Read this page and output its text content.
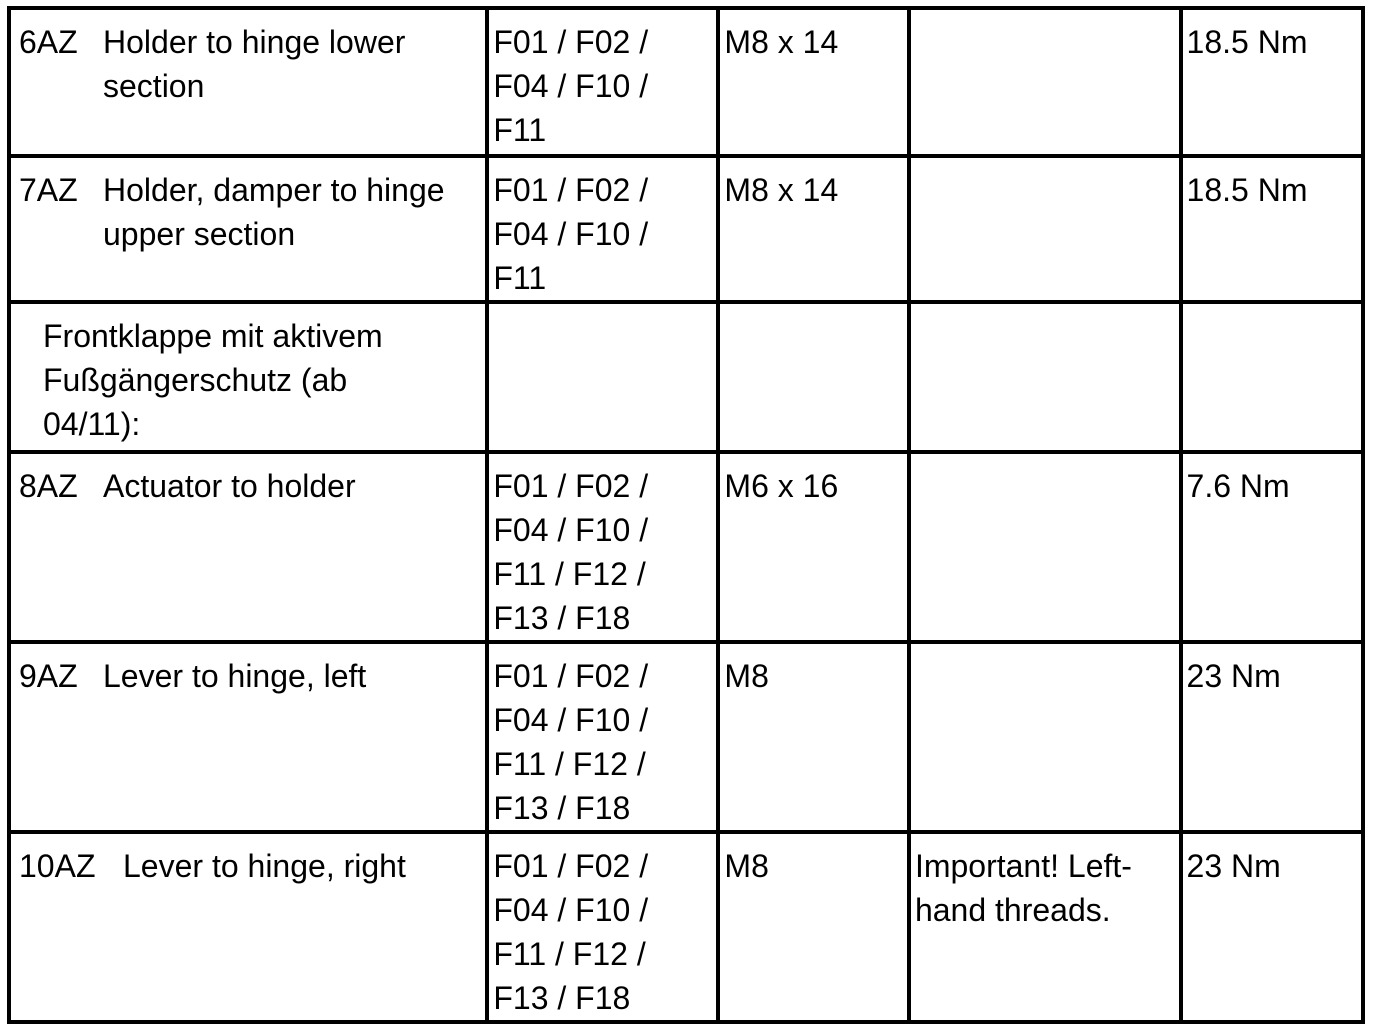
6AZ Holder to hinge lower section	F01 / F02 / F04 / F10 / F11	M8 x 14		18.5 Nm

7AZ Holder, damper to hinge upper section	F01 / F02 / F04 / F10 / F11	M8 x 14		18.5 Nm

Frontklappe mit aktivem Fußgängerschutz (ab 04/11):				

8AZ Actuator to holder	F01 / F02 / F04 / F10 / F11 / F12 / F13 / F18	M6 x 16		7.6 Nm

9AZ Lever to hinge, left	F01 / F02 / F04 / F10 / F11 / F12 / F13 / F18	M8		23 Nm

10AZ Lever to hinge, right	F01 / F02 / F04 / F10 / F11 / F12 / F13 / F18	M8	Important! Left-hand threads.	23 Nm
